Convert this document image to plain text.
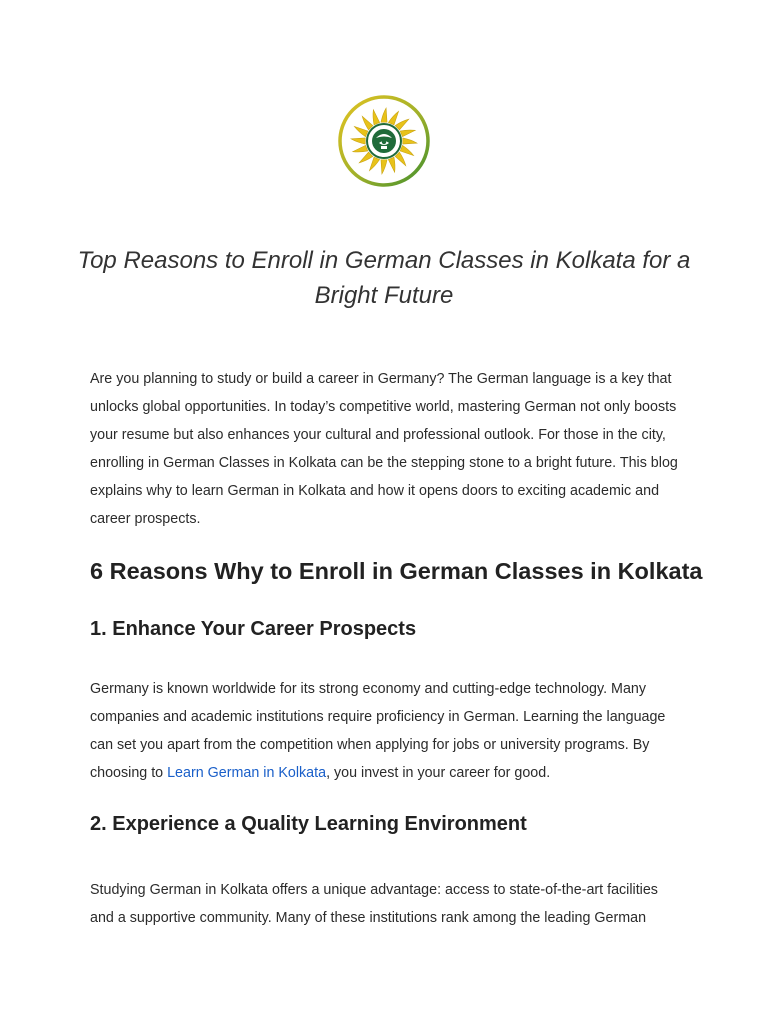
Top Reasons to Enroll in German Classes in Kolkata for a Bright Future

Are you planning to study or build a career in Germany? The German language is a key that unlocks global opportunities. In today’s competitive world, mastering German not only boosts your resume but also enhances your cultural and professional outlook. For those in the city, enrolling in German Classes in Kolkata can be the stepping stone to a bright future. This blog explains why to learn German in Kolkata and how it opens doors to exciting academic and career prospects.

6 Reasons Why to Enroll in German Classes in Kolkata
1. Enhance Your Career Prospects

Germany is known worldwide for its strong economy and cutting-edge technology. Many companies and academic institutions require proficiency in German. Learning the language can set you apart from the competition when applying for jobs or university programs. By choosing to Learn German in Kolkata, you invest in your career for good.

2. Experience a Quality Learning Environment

Studying German in Kolkata offers a unique advantage: access to state-of-the-art facilities and a supportive community. Many of these institutions rank among the leading German
